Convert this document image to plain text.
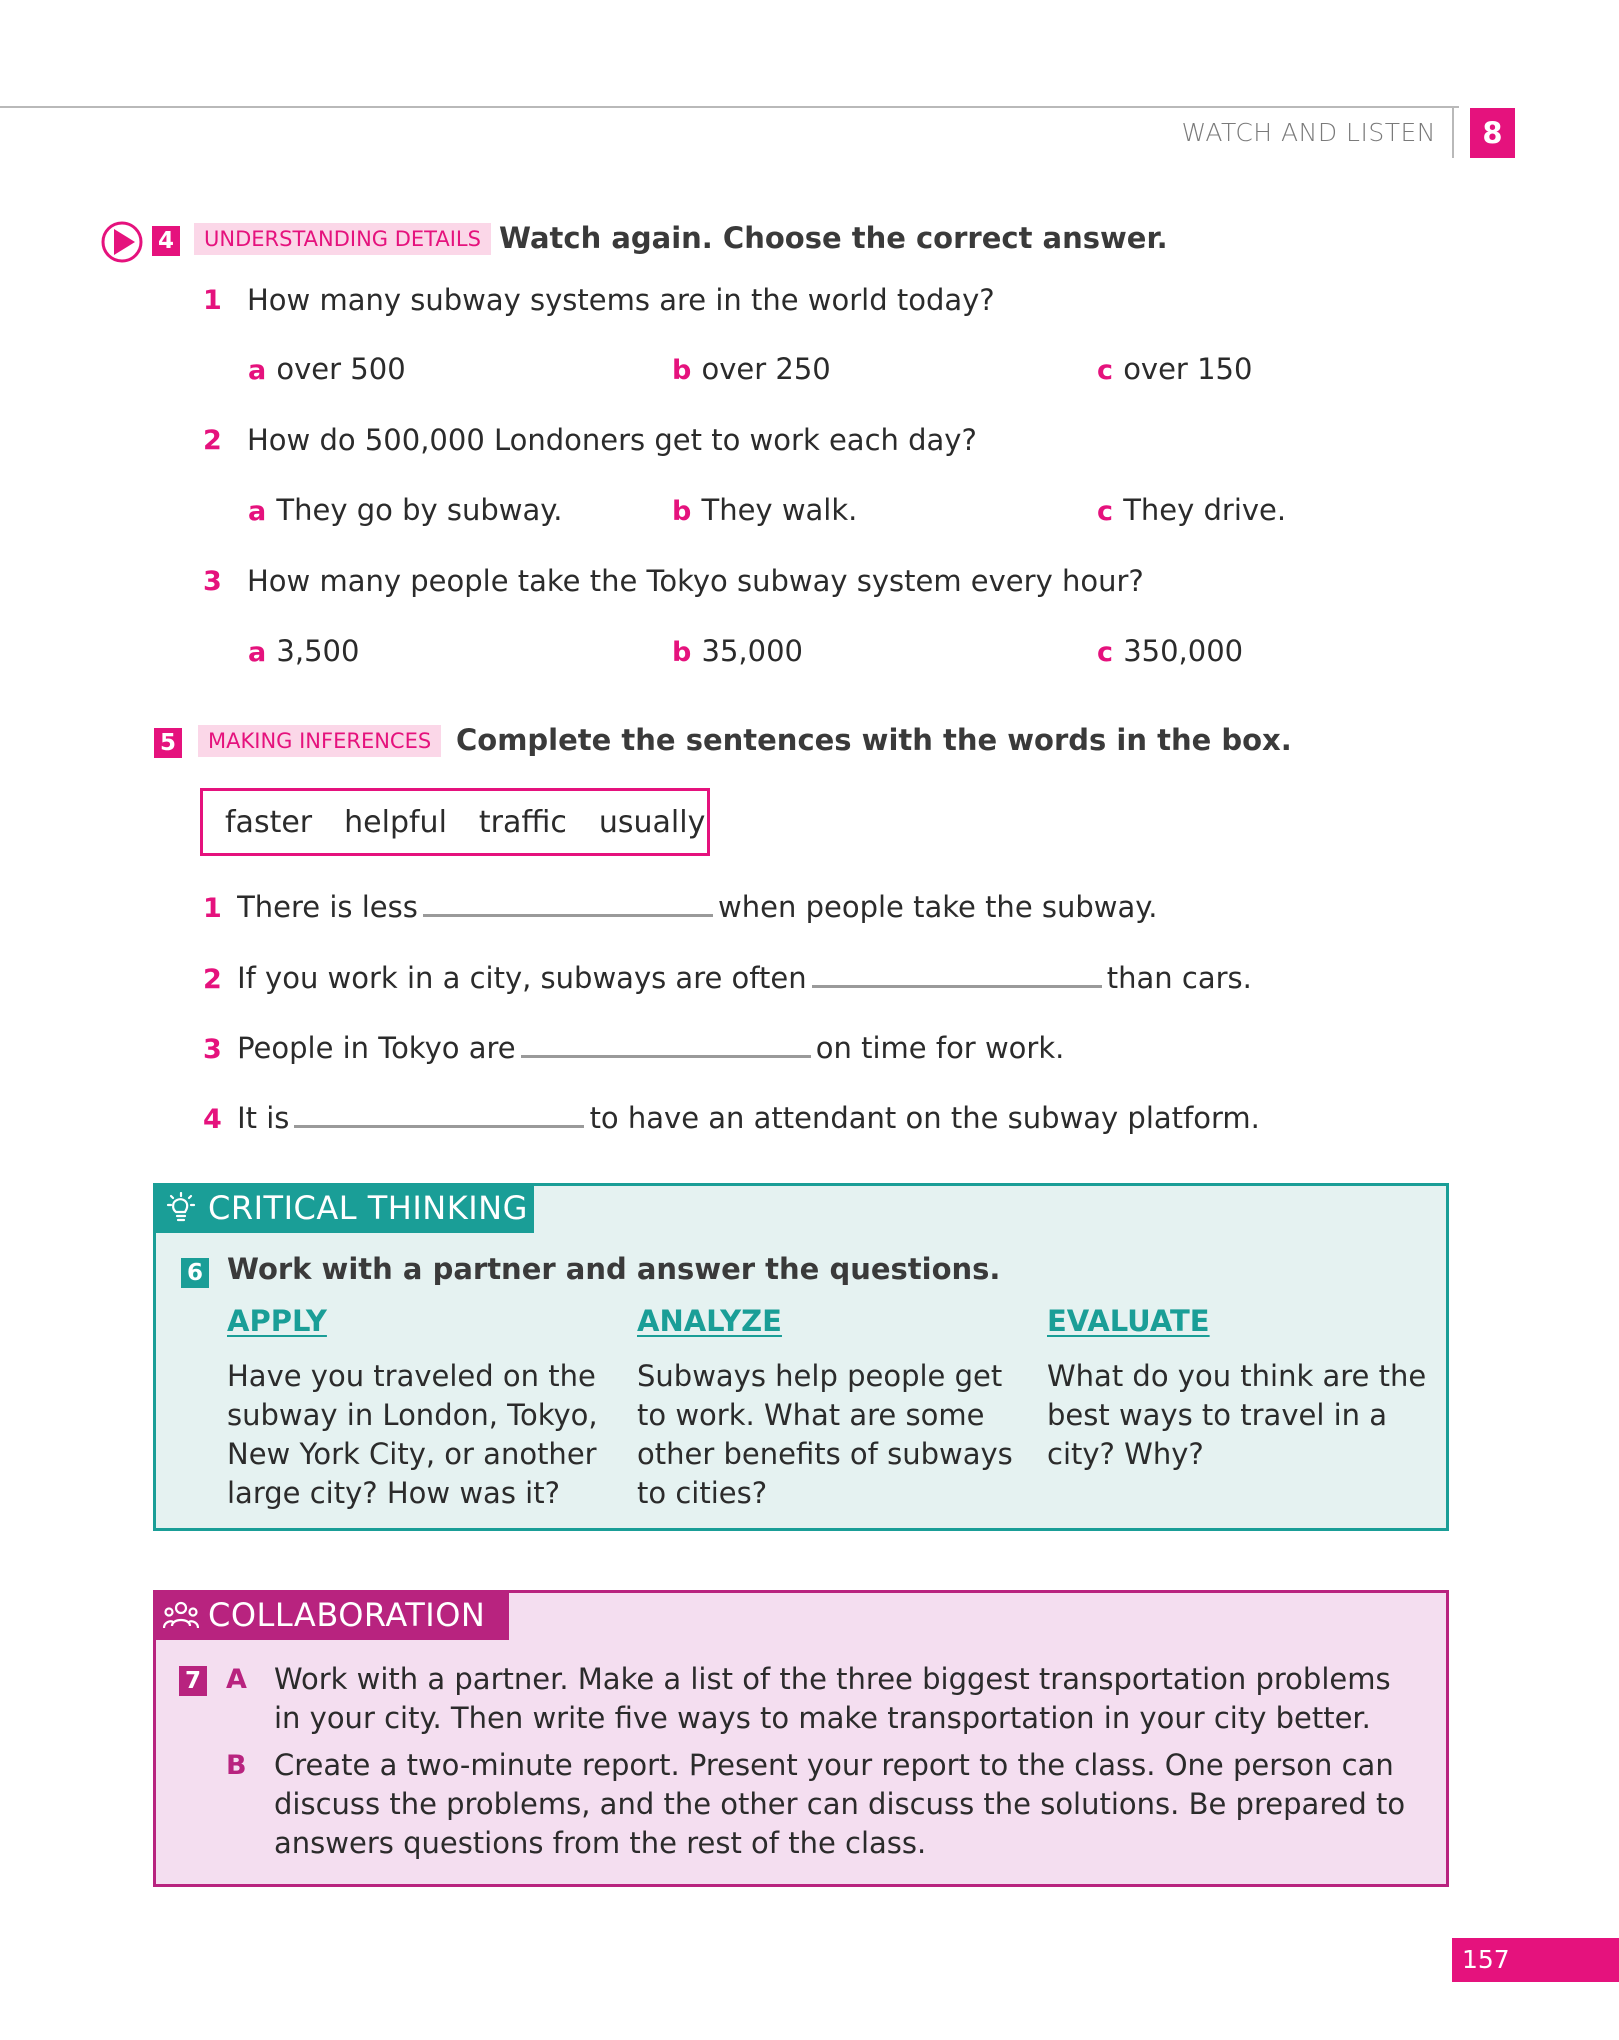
WATCH AND LISTEN	8
4	UNDERSTANDING DETAILS Watch again. Choose the correct answer.
1 How many subway systems are in the world today?
a over 500	b over 250	c over 150
2 How do 500,000 Londoners get to work each day?
a They go by subway.	b They walk.	c They drive.
3 How many people take the Tokyo subway system every hour?
a 3,500	b 35,000	c 350,000
5	MAKING INFERENCES Complete the sentences with the words in the box.
faster helpful traffic usually
1 There is less	when people take the subway.
2 If you work in a city, subways are often	than cars.
3 People in Tokyo are	on time for work.
4 It is	to have an attendant on the subway platform.
CRITICAL THINKING
6 Work with a partner and answer the questions.
APPLY
Have you traveled on the subway in London, Tokyo, New York City, or another large city? How was it?
ANALYZE
Subways help people get to work. What are some other benefits of subways to cities?
EVALUATE
What do you think are the best ways to travel in a city? Why?
COLLABORATION
7 A Work with a partner. Make a list of the three biggest transportation problems in your city. Then write five ways to make transportation in your city better.
B Create a two-minute report. Present your report to the class. One person can discuss the problems, and the other can discuss the solutions. Be prepared to answers questions from the rest of the class.
157
